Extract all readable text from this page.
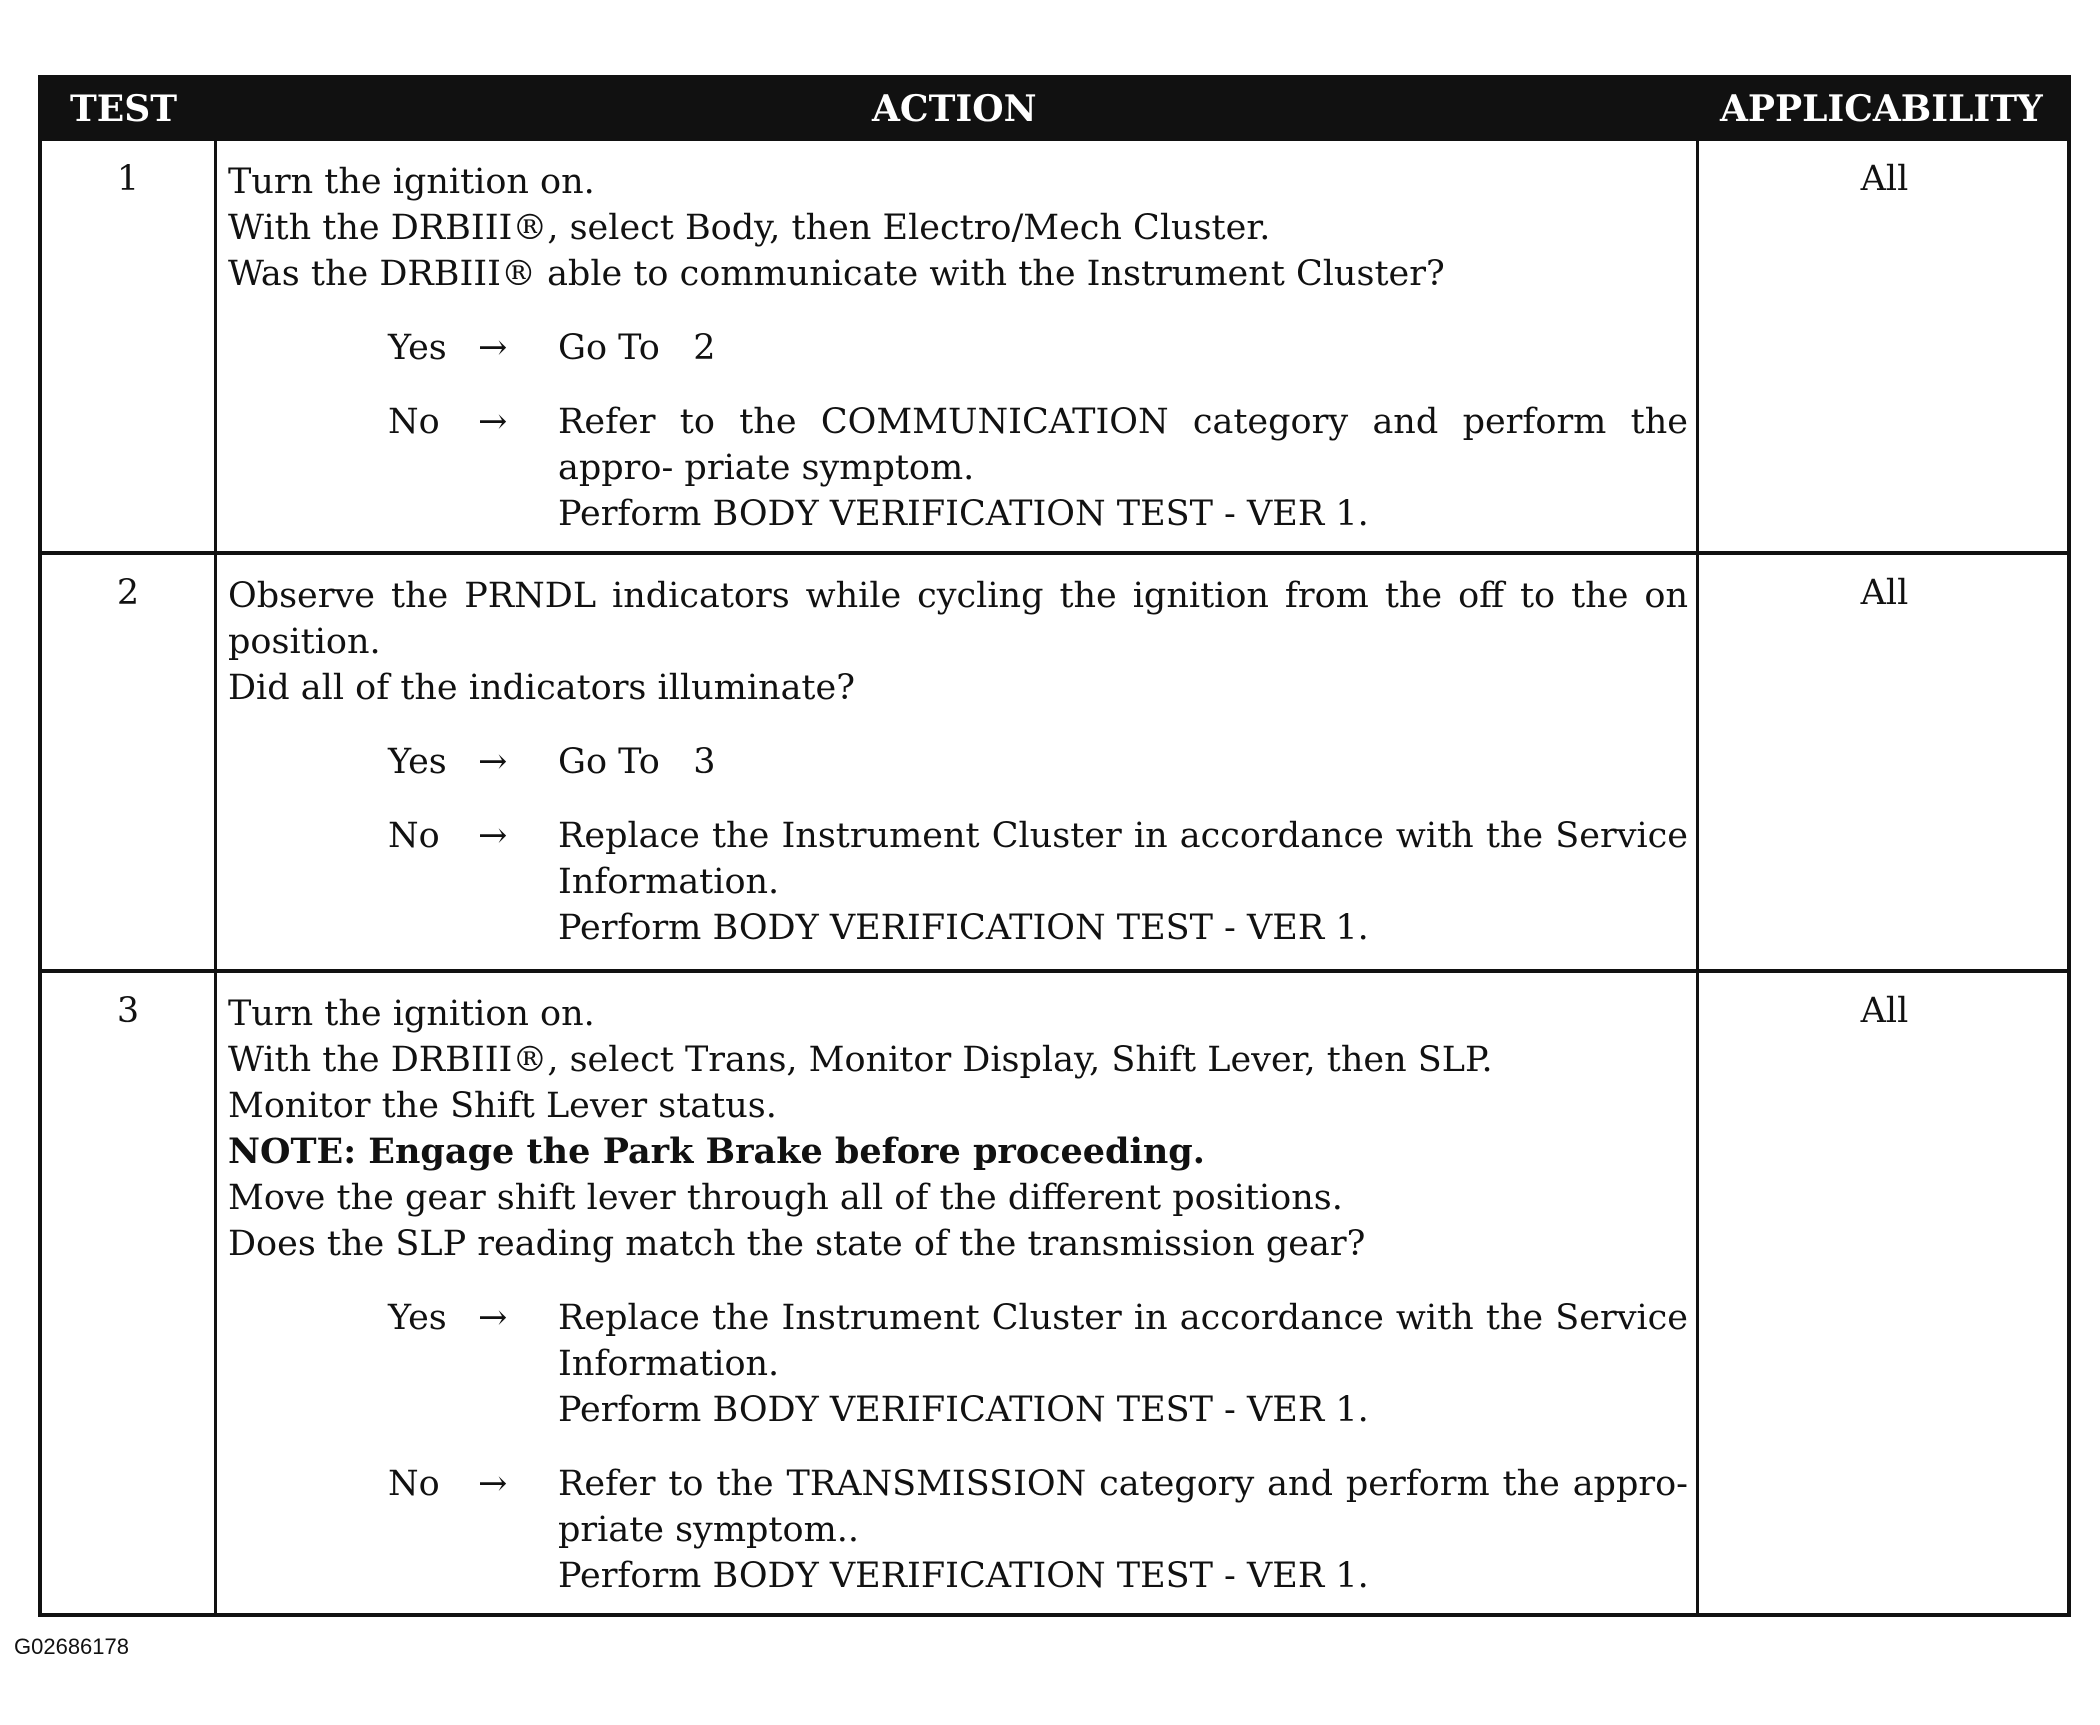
TEST	ACTION	APPLICABILITY
1	Turn the ignition on.

With the DRBIII®, select Body, then Electro/Mech Cluster.

Was the DRBIII® able to communicate with the Instrument Cluster?

Yes → Go To   2

No → Refer to the COMMUNICATION category and perform the appro- priate symptom.

Perform BODY VERIFICATION TEST - VER 1.

All
2	Observe the PRNDL indicators while cycling the ignition from the off to the on position.

Did all of the indicators illuminate?

Yes → Go To   3

No → Replace the Instrument Cluster in accordance with the Service Information.

Perform BODY VERIFICATION TEST - VER 1.

All
3	Turn the ignition on.

With the DRBIII®, select Trans, Monitor Display, Shift Lever, then SLP.

Monitor the Shift Lever status.

NOTE: Engage the Park Brake before proceeding.

Move the gear shift lever through all of the different positions.

Does the SLP reading match the state of the transmission gear?

Yes → Replace the Instrument Cluster in accordance with the Service Information.

Perform BODY VERIFICATION TEST - VER 1.

No → Refer to the TRANSMISSION category and perform the appro- priate symptom..

Perform BODY VERIFICATION TEST - VER 1.

All
G02686178
